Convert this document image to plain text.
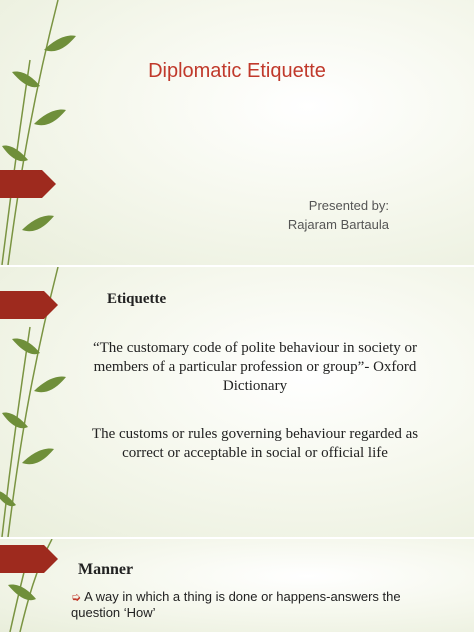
Diplomatic Etiquette
Presented by:
Rajaram Bartaula
Etiquette
“The customary code of polite behaviour in society or members of a particular profession or group”- Oxford Dictionary
The customs or rules governing behaviour regarded as correct or acceptable in social or official life
Manner
➭ A way in which a thing is done or happens-answers the question ‘How’
